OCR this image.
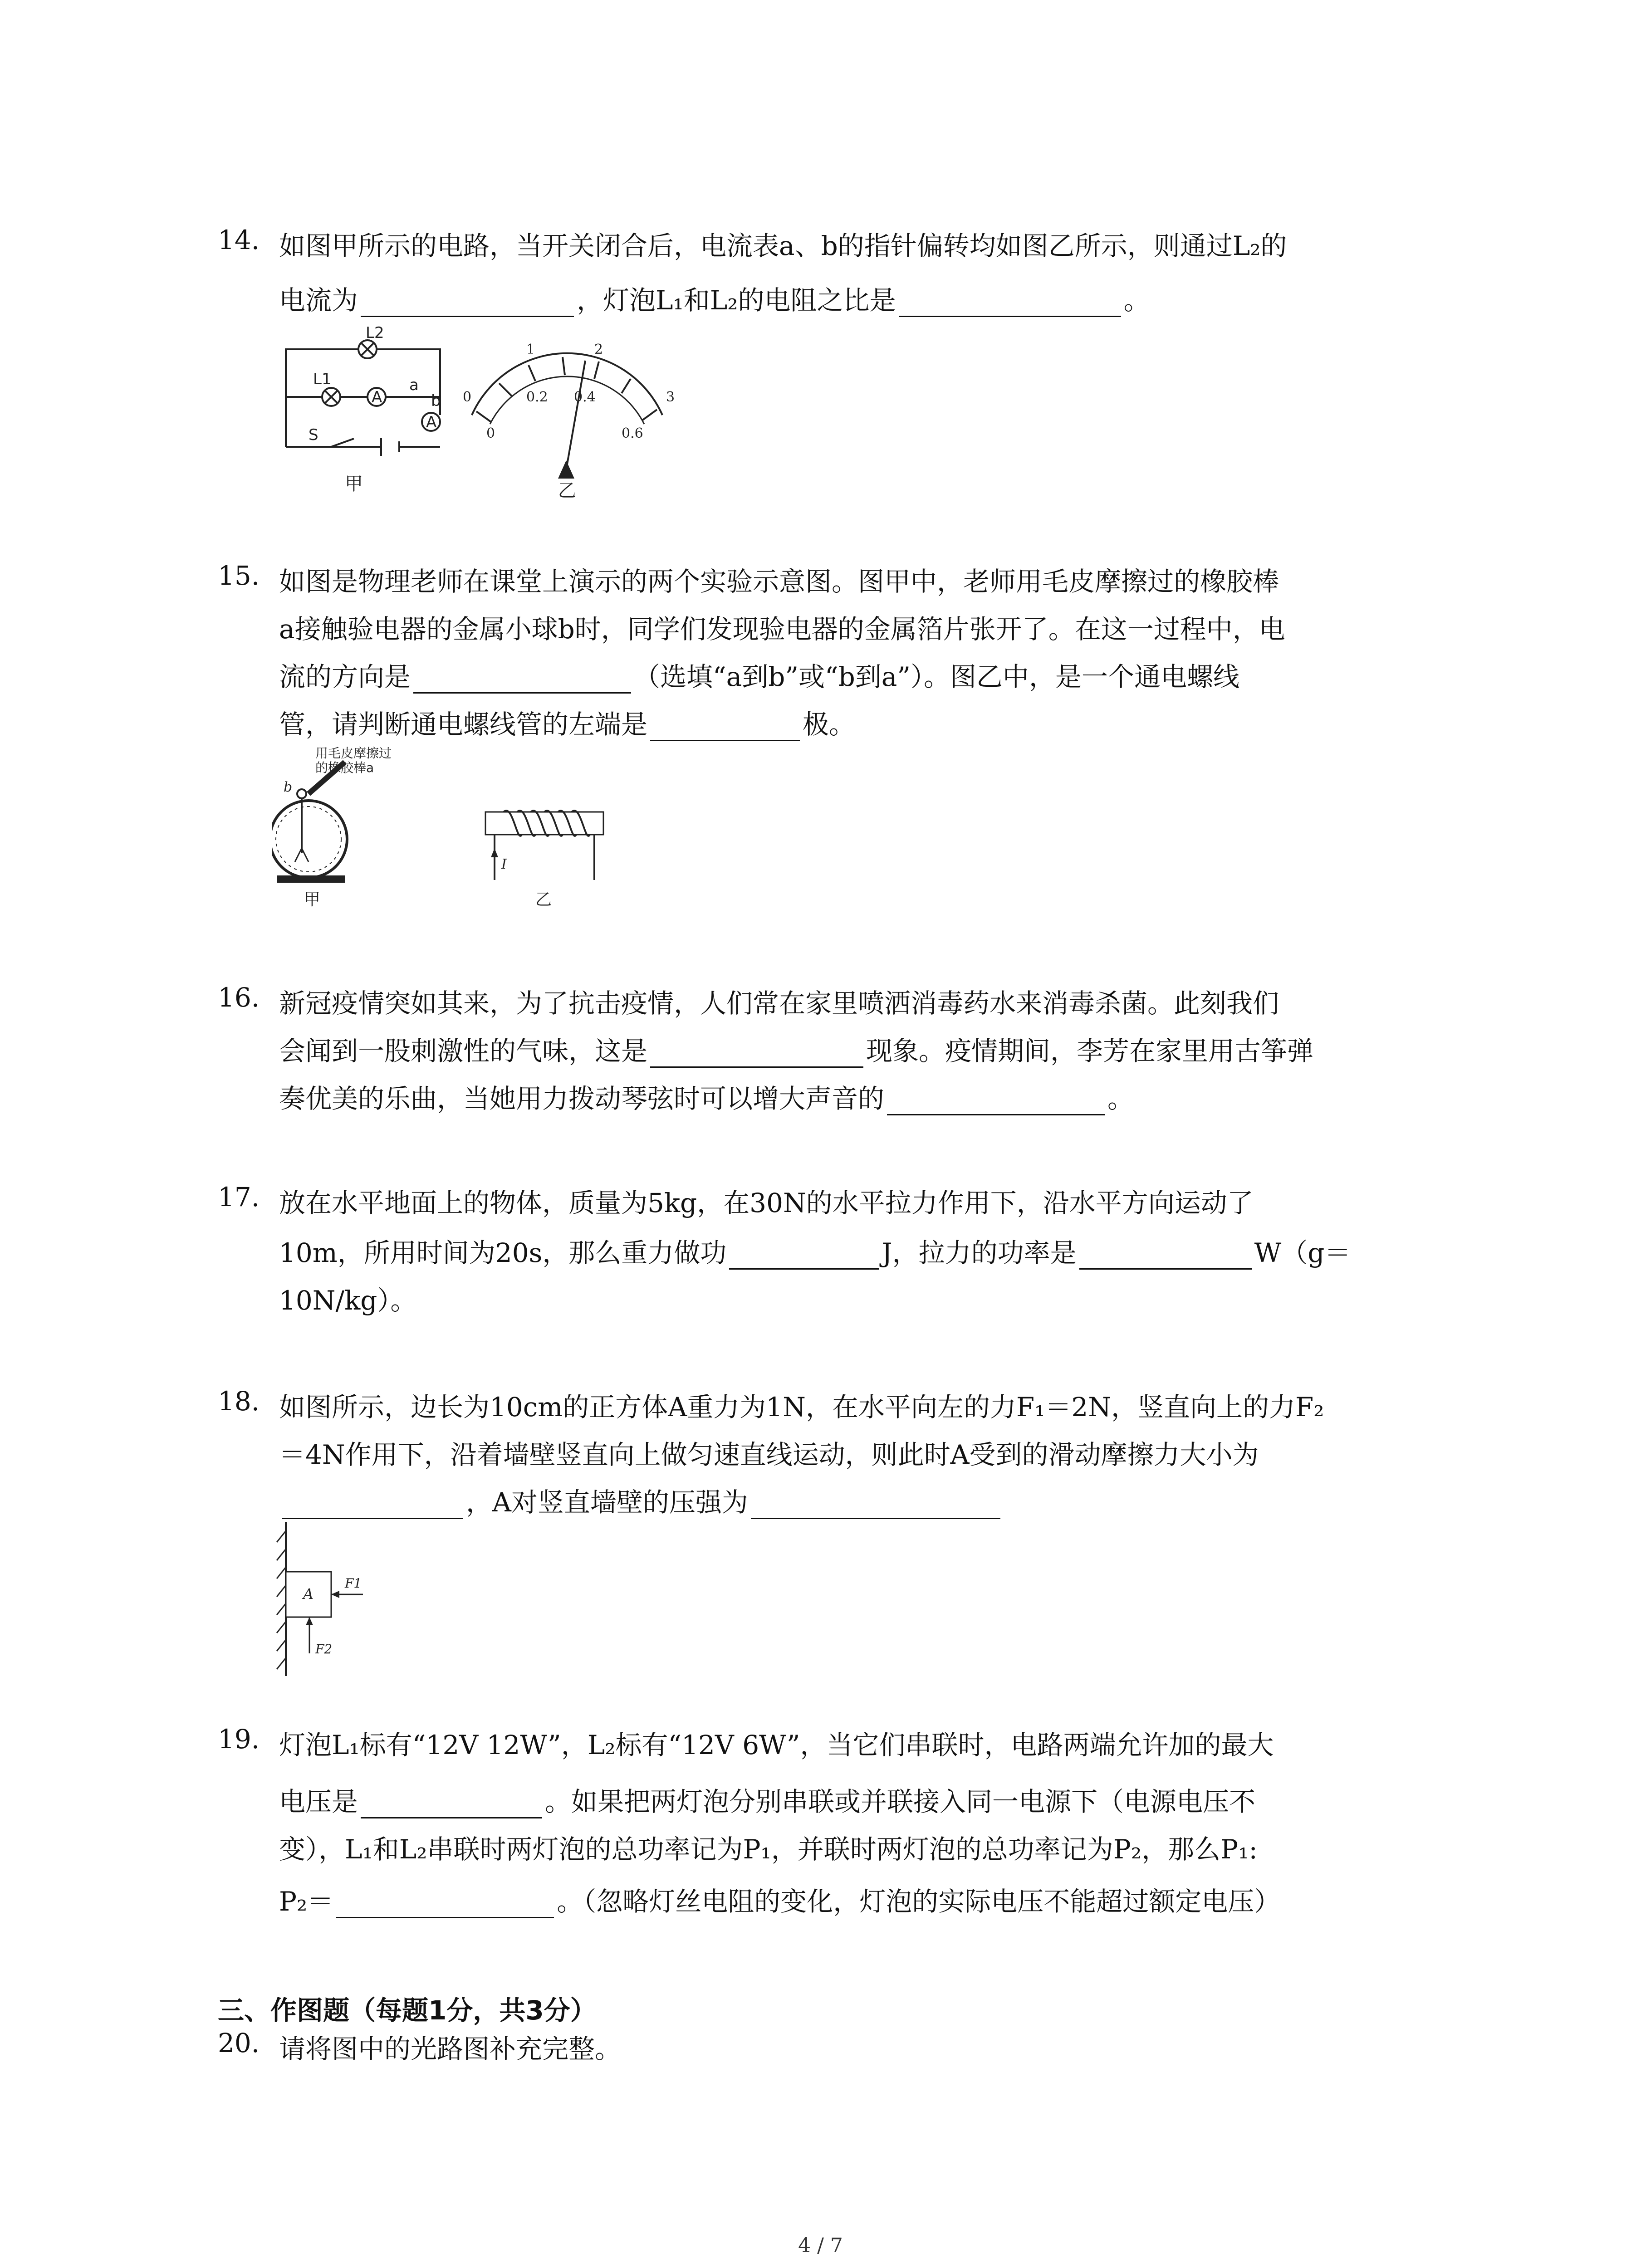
14. 如图甲所示的电路，当开关闭合后，电流表a、b的指针偏转均如图乙所示，则通过L₂的
电流为	，灯泡L₁和L₂的电阻之比是	。
L2
L1
A
A
a
b
S
甲
0
1	2
3
0
0.2 0.4
0.6
乙
15. 如图是物理老师在课堂上演示的两个实验示意图。图甲中，老师用毛皮摩擦过的橡胶棒
a接触验电器的金属小球b时，同学们发现验电器的金属箔片张开了。在这一过程中，电
流的方向是	（选填“a到b”或“b到a”）。图乙中，是一个通电螺线
管，请判断通电螺线管的左端是	极。
用毛皮摩擦过
的橡胶棒a
b
甲
I
乙
16. 新冠疫情突如其来，为了抗击疫情，人们常在家里喷洒消毒药水来消毒杀菌。此刻我们
会闻到一股刺激性的气味，这是	现象。疫情期间，李芳在家里用古筝弹
奏优美的乐曲，当她用力拨动琴弦时可以增大声音的	。
17. 放在水平地面上的物体，质量为5kg，在30N的水平拉力作用下，沿水平方向运动了
10m，所用时间为20s，那么重力做功	J，拉力的功率是	W（g＝
10N/kg）。
18. 如图所示，边长为10cm的正方体A重力为1N，在水平向左的力F₁＝2N，竖直向上的力F₂
＝4N作用下，沿着墙壁竖直向上做匀速直线运动，则此时A受到的滑动摩擦力大小为
，A对竖直墙壁的压强为
A
F1
F2
19. 灯泡L₁标有“12V 12W”，L₂标有“12V 6W”，当它们串联时，电路两端允许加的最大
电压是	。如果把两灯泡分别串联或并联接入同一电源下（电源电压不
变），L₁和L₂串联时两灯泡的总功率记为P₁，并联时两灯泡的总功率记为P₂，那么P₁:
P₂＝	。（忽略灯丝电阻的变化，灯泡的实际电压不能超过额定电压）
三、作图题（每题1分，共3分）
20. 请将图中的光路图补充完整。
4 / 7
